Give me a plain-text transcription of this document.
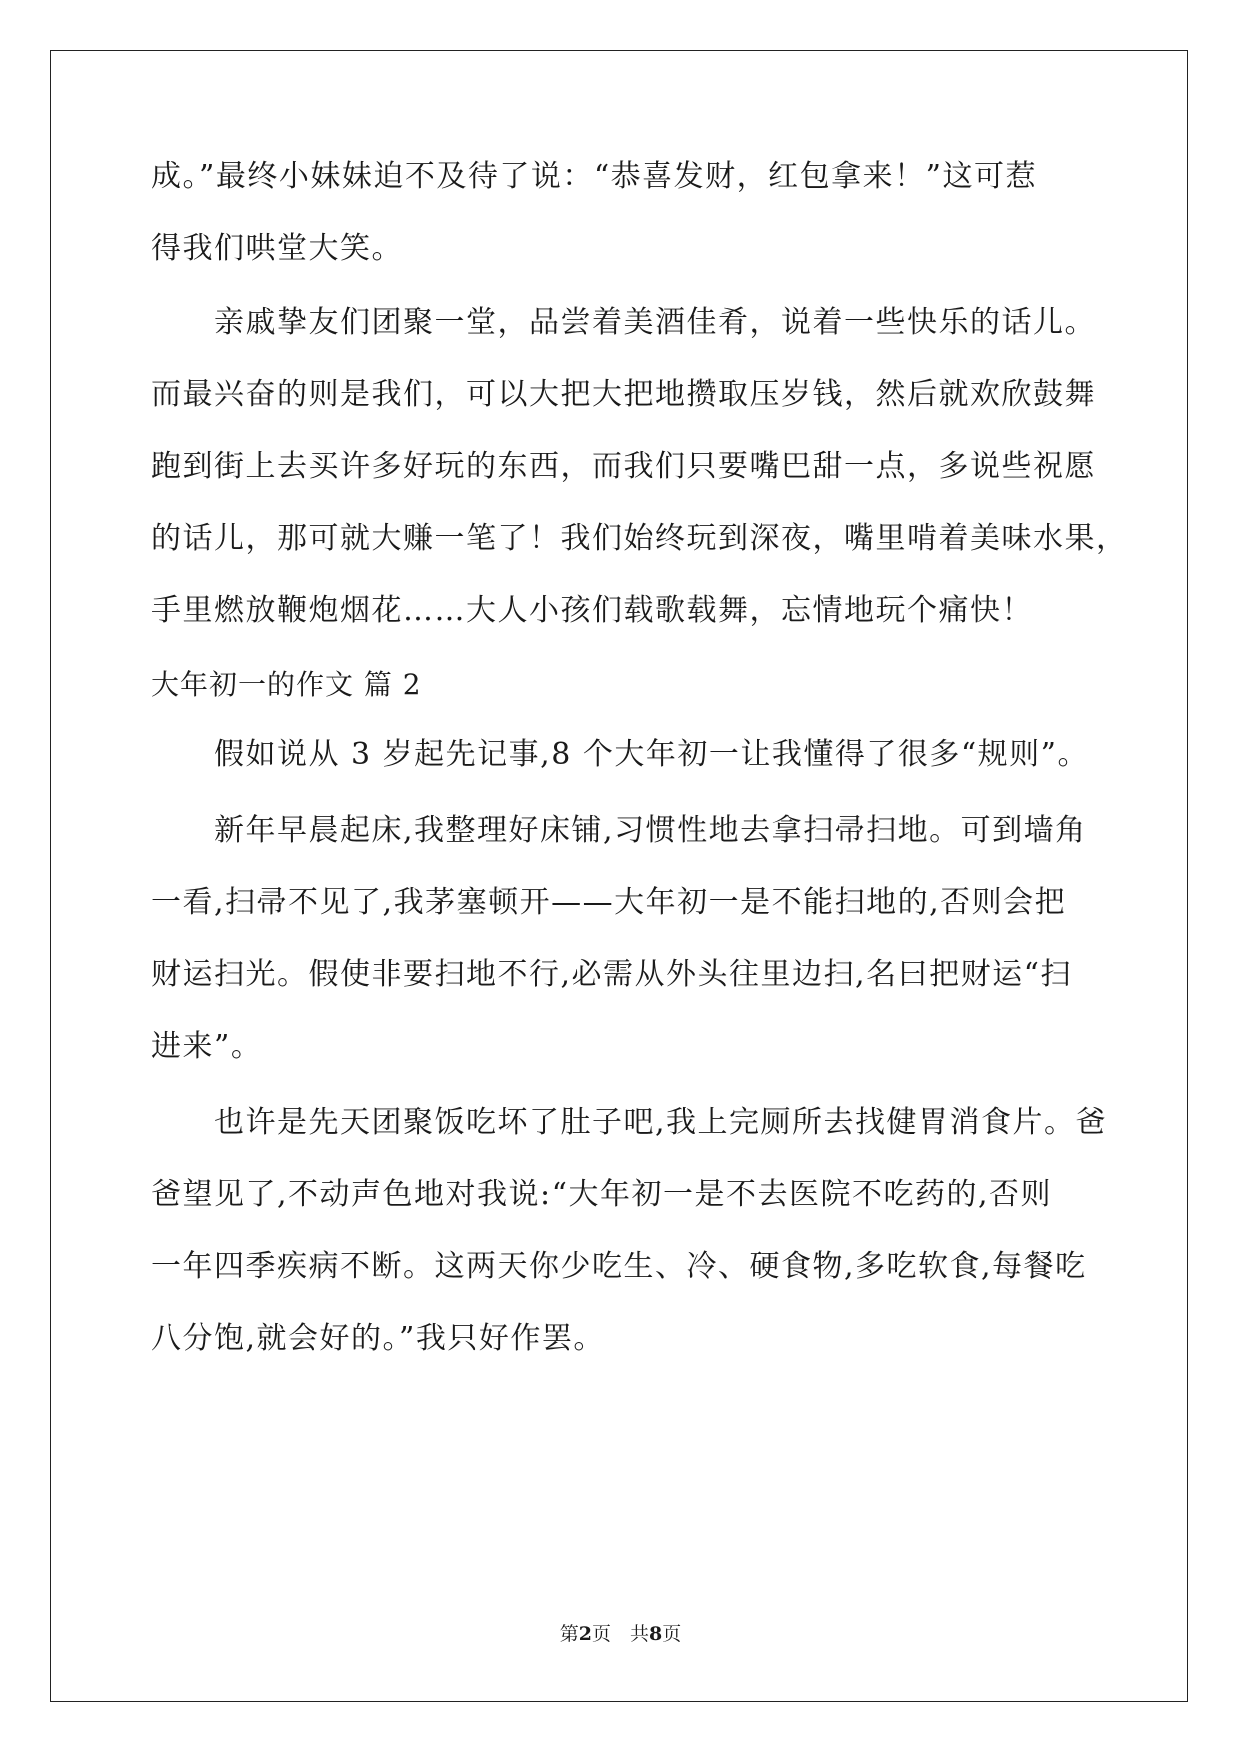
成。”最终小妹妹迫不及待了说：“恭喜发财，红包拿来！”这可惹
得我们哄堂大笑。
亲戚挚友们团聚一堂，品尝着美酒佳肴，说着一些快乐的话儿。
而最兴奋的则是我们，可以大把大把地攒取压岁钱，然后就欢欣鼓舞
跑到街上去买许多好玩的东西，而我们只要嘴巴甜一点，多说些祝愿
的话儿，那可就大赚一笔了！我们始终玩到深夜，嘴里啃着美味水果，
手里燃放鞭炮烟花……大人小孩们载歌载舞，忘情地玩个痛快！
大年初一的作文 篇 2
假如说从 3 岁起先记事,8 个大年初一让我懂得了很多“规则”。
新年早晨起床,我整理好床铺,习惯性地去拿扫帚扫地。可到墙角
一看,扫帚不见了,我茅塞顿开——大年初一是不能扫地的,否则会把
财运扫光。假使非要扫地不行,必需从外头往里边扫,名曰把财运“扫
进来”。
也许是先天团聚饭吃坏了肚子吧,我上完厕所去找健胃消食片。爸
爸望见了,不动声色地对我说:“大年初一是不去医院不吃药的,否则
一年四季疾病不断。这两天你少吃生、冷、硬食物,多吃软食,每餐吃
八分饱,就会好的。”我只好作罢。
第2页　共8页
